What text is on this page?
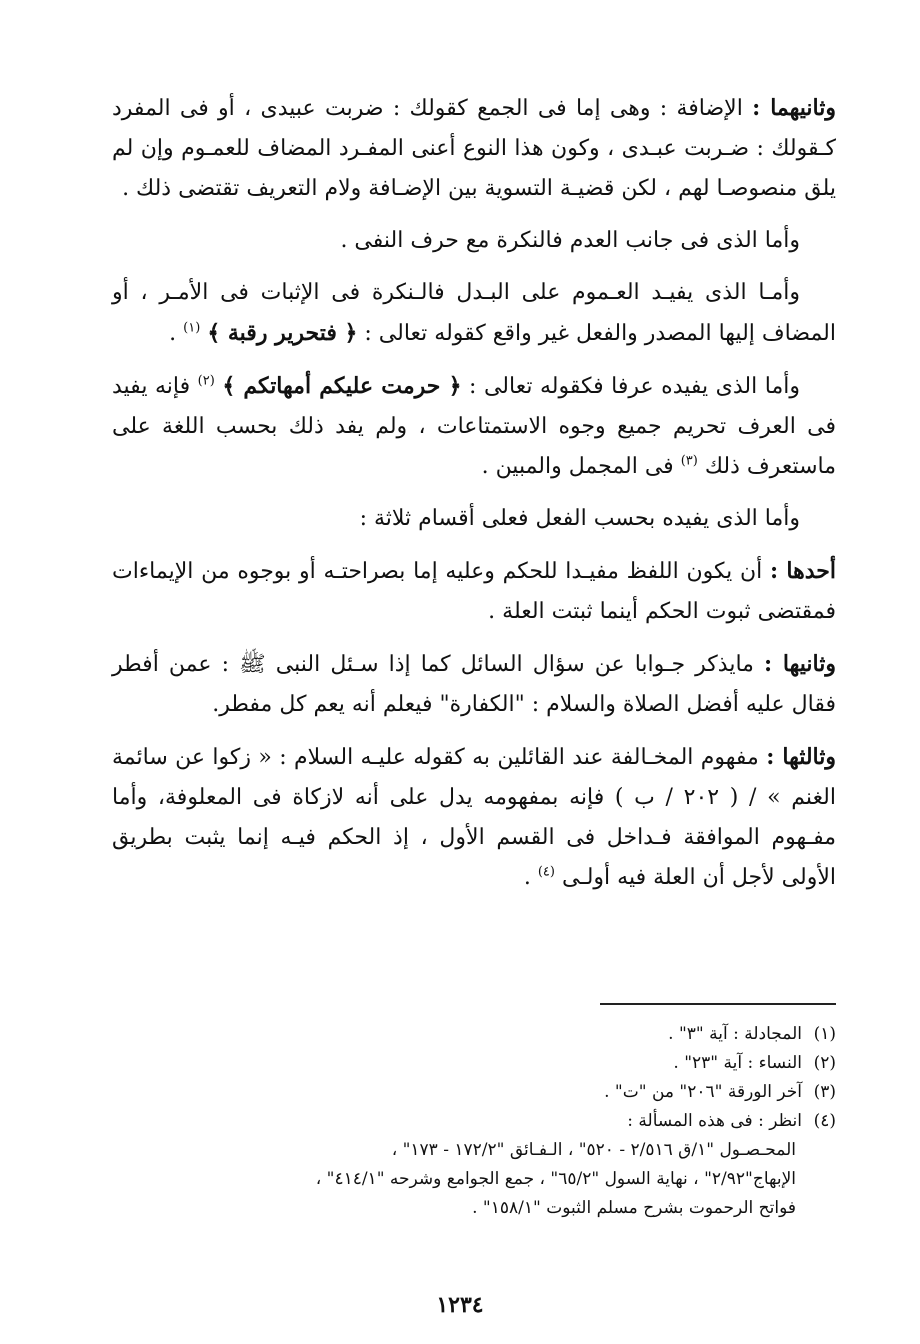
وثانيهما : الإضافة : وهى إما فى الجمع كقولك : ضربت عبيدى ، أو فى المفرد كـقولك : ضـربت عبـدى ، وكون هذا النوع أعنى المفـرد المضاف للعمـوم وإن لم يلق منصوصـا لهم ، لكن قضيـة التسوية بين الإضـافة ولام التعريف تقتضى ذلك .

وأما الذى فى جانب العدم فالنكرة مع حرف النفى .

وأمـا الذى يفيـد العـموم على البـدل فالـنكرة فى الإثبات فى الأمـر ، أو المضاف إليها المصدر والفعل غير واقع كقوله تعالى : ﴿ فتحرير رقبة ﴾ $^{(١)}$ .

وأما الذى يفيده عرفا فكقوله تعالى : ﴿ حرمت عليكم أمهاتكم ﴾ $^{(٢)}$ فإنه يفيد فى العرف تحريم جميع وجوه الاستمتاعات ، ولم يفد ذلك بحسب اللغة على ماستعرف ذلك $^{(٣)}$ فى المجمل والمبين .

وأما الذى يفيده بحسب الفعل فعلى أقسام ثلاثة :

أحدها : أن يكون اللفظ مفيـدا للحكم وعليه إما بصراحتـه أو بوجوه من الإيماءات فمقتضى ثبوت الحكم أينما ثبتت العلة .

وثانيها : مايذكر جـوابا عن سؤال السائل كما إذا سـئل النبى ﷺ : عمن أفطر فقال عليه أفضل الصلاة والسلام : "الكفارة" فيعلم أنه يعم كل مفطر.

وثالثها : مفهوم المخـالفة عند القائلين به كقوله عليـه السلام : « زكوا عن سائمة الغنم » / ( ٢٠٢ / ب ) فإنه بمفهومه يدل على أنه لازكاة فى المعلوفة، وأما مفـهوم الموافقة فـداخل فى القسم الأول ، إذ الحكم فيـه إنما يثبت بطريق الأولى لأجل أن العلة فيه أولـى $^{(٤)}$ .

(١)المجادلة : آية "٣" .

(٢)النساء : آية "٢٣" .

(٣)آخر الورقة "٢٠٦" من "ت" .

(٤)انظر : فى هذه المسألة :

المحـصـول "١/ق ٢/٥١٦ - ٥٢٠" ، الـفـائق "١٧٢/٢ - ١٧٣" ،

الإبهاج"٢/٩٢" ، نهاية السول "٦٥/٢" ، جمع الجوامع وشرحه "٤١٤/١" ،

فواتح الرحموت بشرح مسلم الثبوت "١٥٨/١" .

١٢٣٤
